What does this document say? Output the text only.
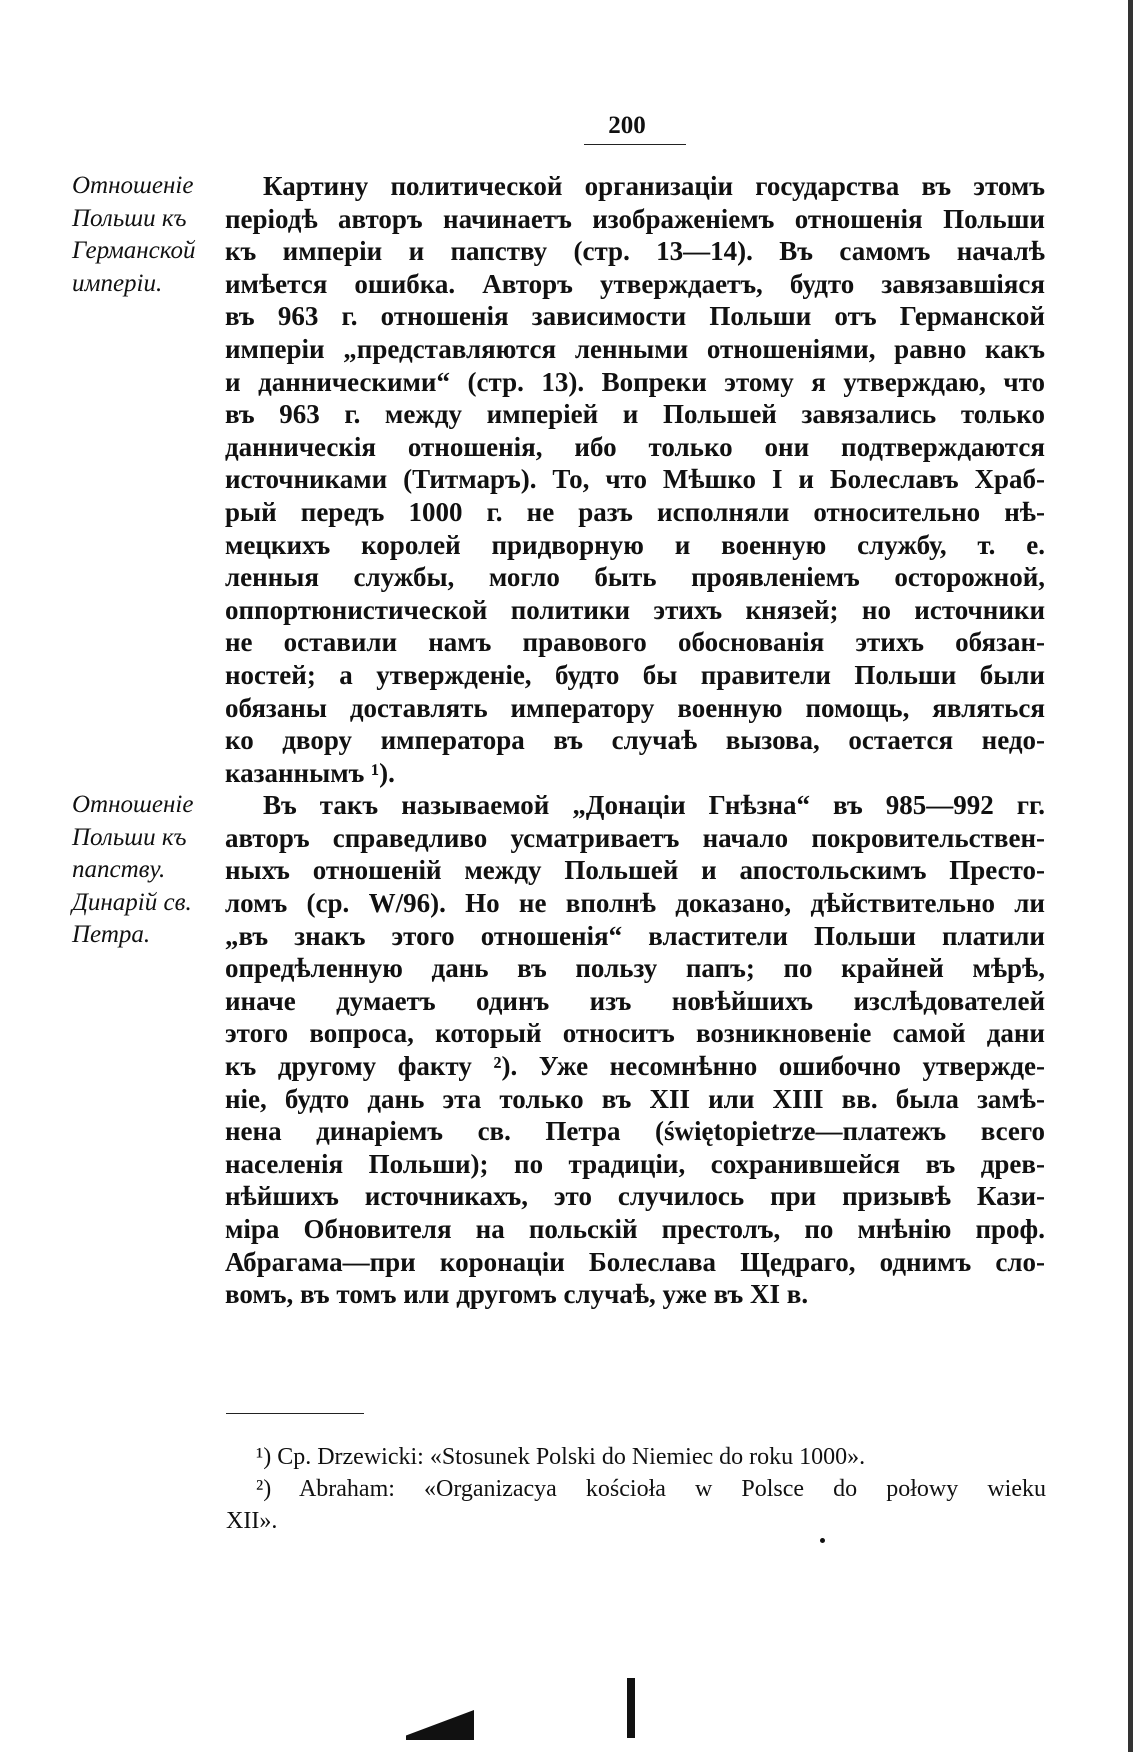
200
Отношеніе
Польши къ
Германской
имперіи.
Отношеніе
Польши къ
папству.
Динарій св.
Петра.
Картину политической организаціи государства въ этомъ
періодѣ авторъ начинаетъ изображеніемъ отношенія Польши
къ имперіи и папству (стр. 13—14). Въ самомъ началѣ
имѣется ошибка. Авторъ утверждаетъ, будто завязавшіяся
въ 963 г. отношенія зависимости Польши отъ Германской
имперіи „представляются ленными отношеніями, равно какъ
и данническими“ (стр. 13). Вопреки этому я утверждаю, что
въ 963 г. между имперіей и Польшей завязались только
данническія отношенія, ибо только они подтверждаются
источниками (Титмаръ). То, что Мѣшко I и Болеславъ Храб-
рый передъ 1000 г. не разъ исполняли относительно нѣ-
мецкихъ королей придворную и военную службу, т. е.
ленныя службы, могло быть проявленіемъ осторожной,
оппортюнистической политики этихъ князей; но источники
не оставили намъ правового обоснованія этихъ обязан-
ностей; а утвержденіе, будто бы правители Польши были
обязаны доставлять императору военную помощь, являться
ко двору императора въ случаѣ вызова, остается недо-
казаннымъ ¹).
Въ такъ называемой „Донаціи Гнѣзна“ въ 985—992 гг.
авторъ справедливо усматриваетъ начало покровительствен-
ныхъ отношеній между Польшей и апостольскимъ Престо-
ломъ (ср. W/96). Но не вполнѣ доказано, дѣйствительно ли
„въ знакъ этого отношенія“ властители Польши платили
опредѣленную дань въ пользу папъ; по крайней мѣрѣ,
иначе думаетъ одинъ изъ новѣйшихъ изслѣдователей
этого вопроса, который относитъ возникновеніе самой дани
къ другому факту ²). Уже несомнѣнно ошибочно утвержде-
ніе, будто дань эта только въ XII или XIII вв. была замѣ-
нена динаріемъ св. Петра (świętopietrze—платежъ всего
населенія Польши); по традиціи, сохранившейся въ древ-
нѣйшихъ источникахъ, это случилось при призывѣ Кази-
міра Обновителя на польскій престолъ, по мнѣнію проф.
Абрагама—при коронаціи Болеслава Щедраго, однимъ сло-
вомъ, въ томъ или другомъ случаѣ, уже въ XI в.
¹) Cp. Drzewicki: «Stosunek Polski do Niemiec do roku 1000».
²) Abraham: «Organizacya kościoła w Polsce do połowy wieku
XII».
